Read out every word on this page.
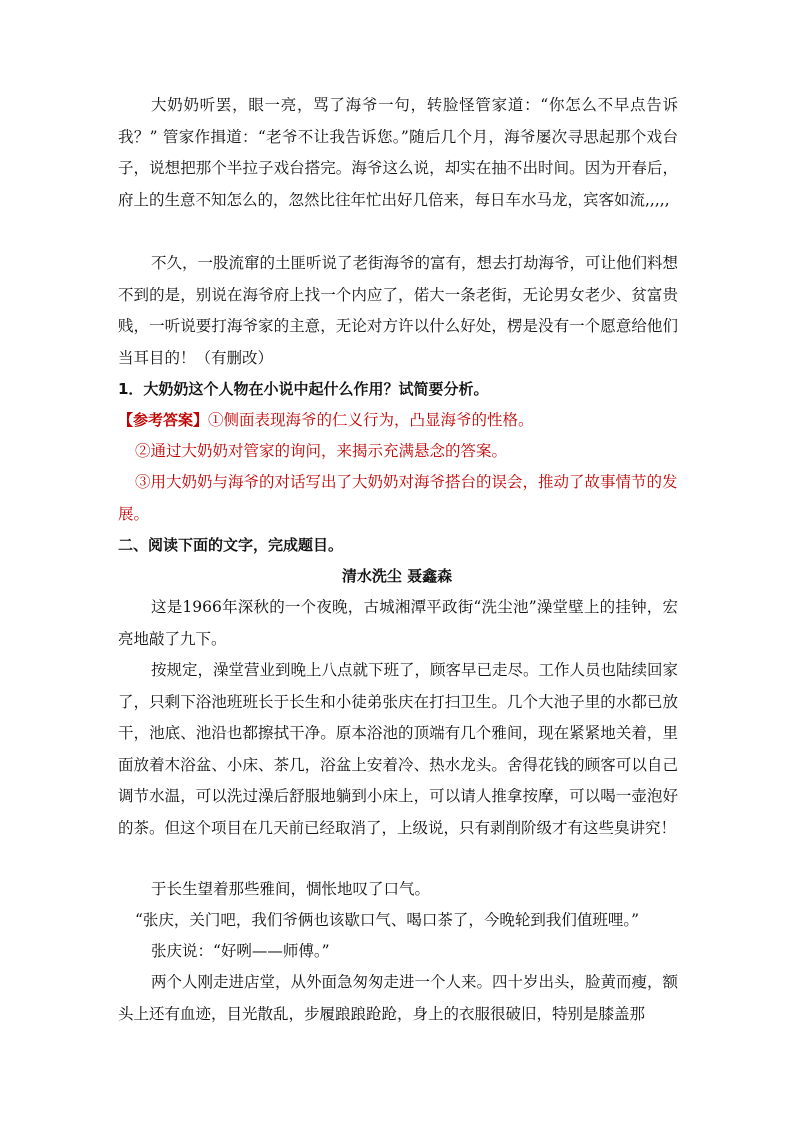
大奶奶听罢，眼一亮，骂了海爷一句，转脸怪管家道：“你怎么不早点告诉我？” 管家作揖道：“老爷不让我告诉您。”随后几个月，海爷屡次寻思起那个戏台子，说想把那个半拉子戏台搭完。海爷这么说，却实在抽不出时间。因为开春后，府上的生意不知怎么的，忽然比往年忙出好几倍来，每日车水马龙，宾客如流,,,,,

不久，一股流窜的土匪听说了老街海爷的富有，想去打劫海爷，可让他们料想不到的是，别说在海爷府上找一个内应了，偌大一条老街，无论男女老少、贫富贵贱，一听说要打海爷家的主意，无论对方许以什么好处，楞是没有一个愿意给他们当耳目的！（有删改）

1．大奶奶这个人物在小说中起什么作用？试简要分析。

【参考答案】①侧面表现海爷的仁义行为，凸显海爷的性格。

②通过大奶奶对管家的询问，来揭示充满悬念的答案。

③用大奶奶与海爷的对话写出了大奶奶对海爷搭台的误会，推动了故事情节的发展。

二、阅读下面的文字，完成题目。

清水洗尘 聂鑫森

这是1966年深秋的一个夜晚，古城湘潭平政街“洗尘池”澡堂壁上的挂钟，宏亮地敲了九下。

按规定，澡堂营业到晚上八点就下班了，顾客早已走尽。工作人员也陆续回家了，只剩下浴池班班长于长生和小徒弟张庆在打扫卫生。几个大池子里的水都已放干，池底、池沿也都擦拭干净。原本浴池的顶端有几个雅间，现在紧紧地关着，里面放着木浴盆、小床、茶几，浴盆上安着冷、热水龙头。舍得花钱的顾客可以自己调节水温，可以洗过澡后舒服地躺到小床上，可以请人推拿按摩，可以喝一壶泡好的茶。但这个项目在几天前已经取消了，上级说，只有剥削阶级才有这些臭讲究！

于长生望着那些雅间，惆怅地叹了口气。

“张庆，关门吧，我们爷俩也该歇口气、喝口茶了，今晚轮到我们值班哩。”

张庆说：“好咧——师傅。”

两个人刚走进店堂，从外面急匆匆走进一个人来。四十岁出头，脸黄而瘦，额头上还有血迹，目光散乱，步履踉踉跄跄，身上的衣服很破旧，特别是膝盖那
